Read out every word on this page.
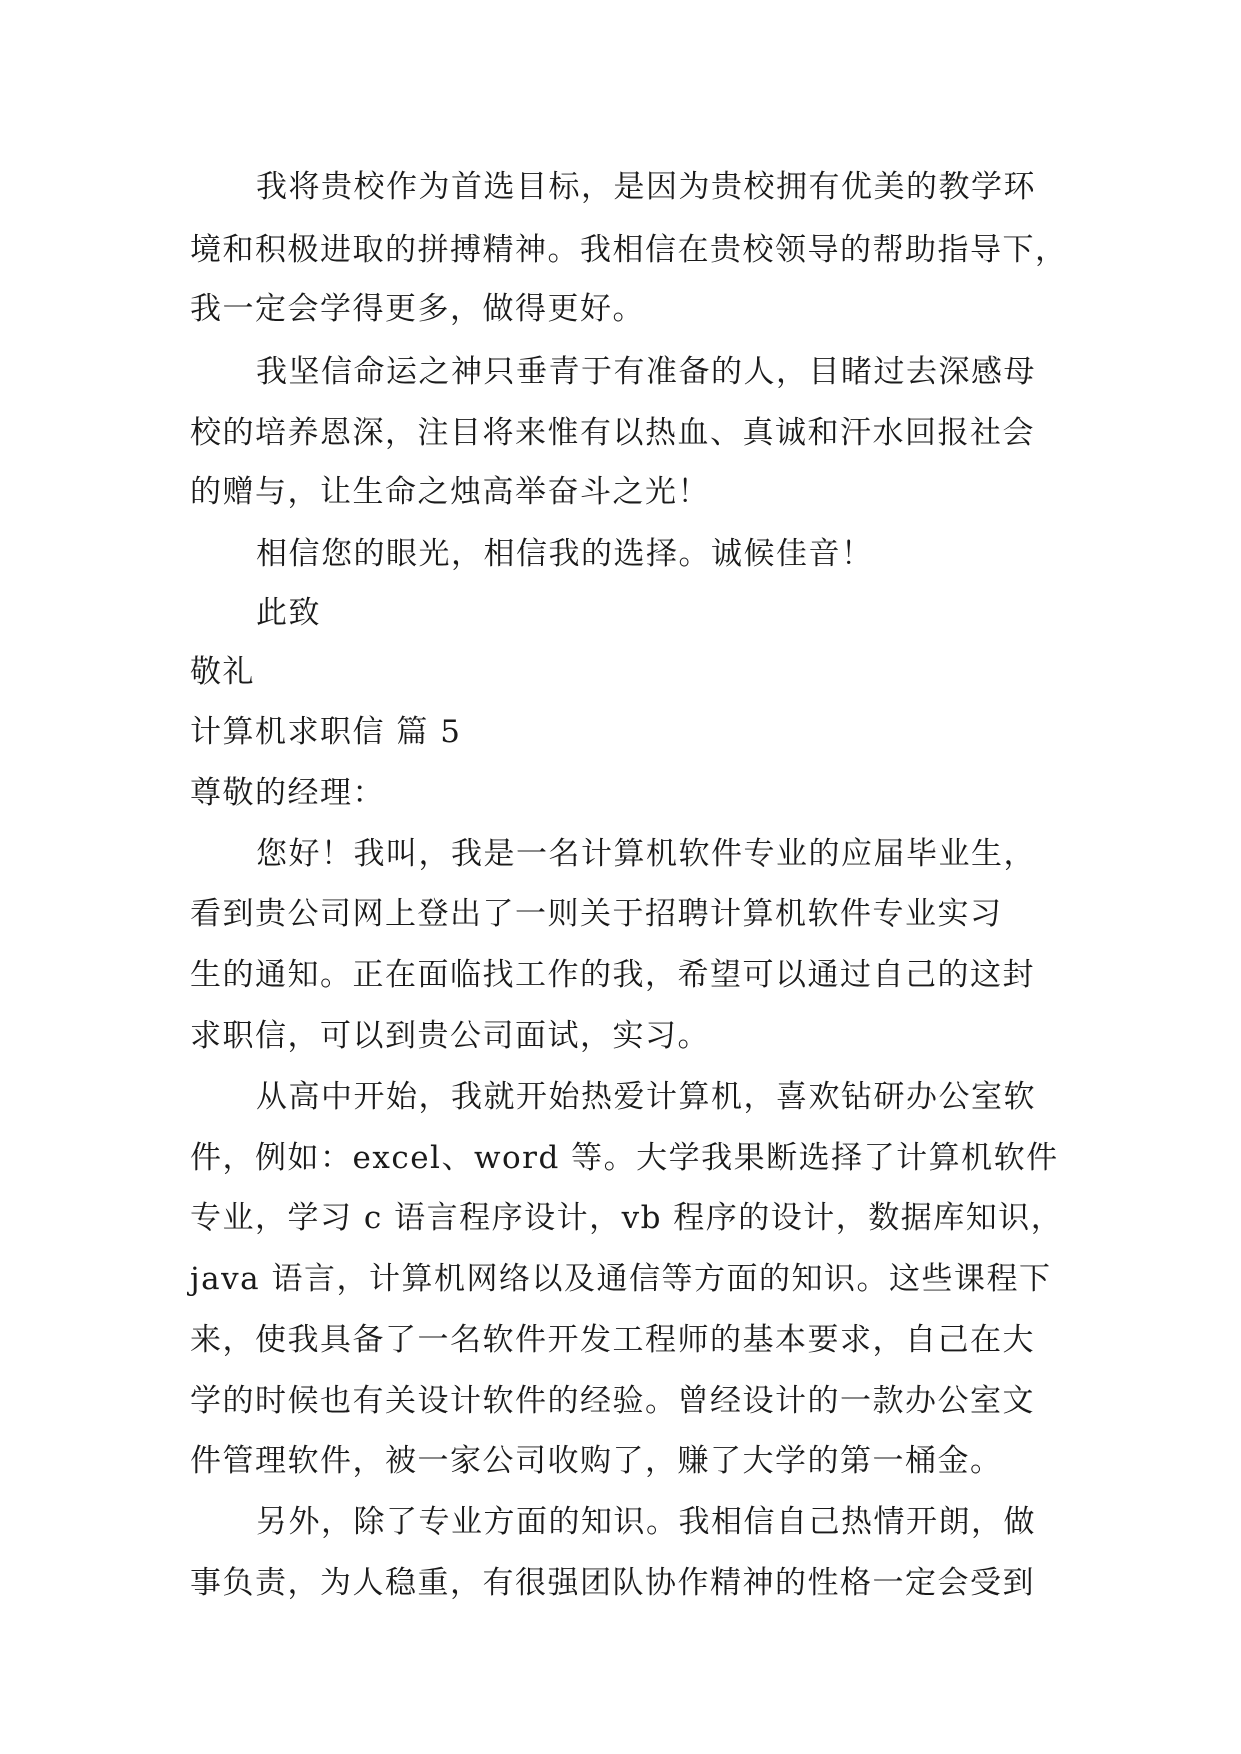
我将贵校作为首选目标，是因为贵校拥有优美的教学环
境和积极进取的拼搏精神。我相信在贵校领导的帮助指导下，
我一定会学得更多，做得更好。
我坚信命运之神只垂青于有准备的人，目睹过去深感母
校的培养恩深，注目将来惟有以热血、真诚和汗水回报社会
的赠与，让生命之烛高举奋斗之光！
相信您的眼光，相信我的选择。诚候佳音！
此致
敬礼
计算机求职信 篇 5
尊敬的经理：
您好！我叫，我是一名计算机软件专业的应届毕业生，
看到贵公司网上登出了一则关于招聘计算机软件专业实习
生的通知。正在面临找工作的我，希望可以通过自己的这封
求职信，可以到贵公司面试，实习。
从高中开始，我就开始热爱计算机，喜欢钻研办公室软
件，例如：excel、word 等。大学我果断选择了计算机软件
专业，学习 c 语言程序设计，vb 程序的设计，数据库知识，
java 语言，计算机网络以及通信等方面的知识。这些课程下
来，使我具备了一名软件开发工程师的基本要求，自己在大
学的时候也有关设计软件的经验。曾经设计的一款办公室文
件管理软件，被一家公司收购了，赚了大学的第一桶金。
另外，除了专业方面的知识。我相信自己热情开朗，做
事负责，为人稳重，有很强团队协作精神的性格一定会受到
